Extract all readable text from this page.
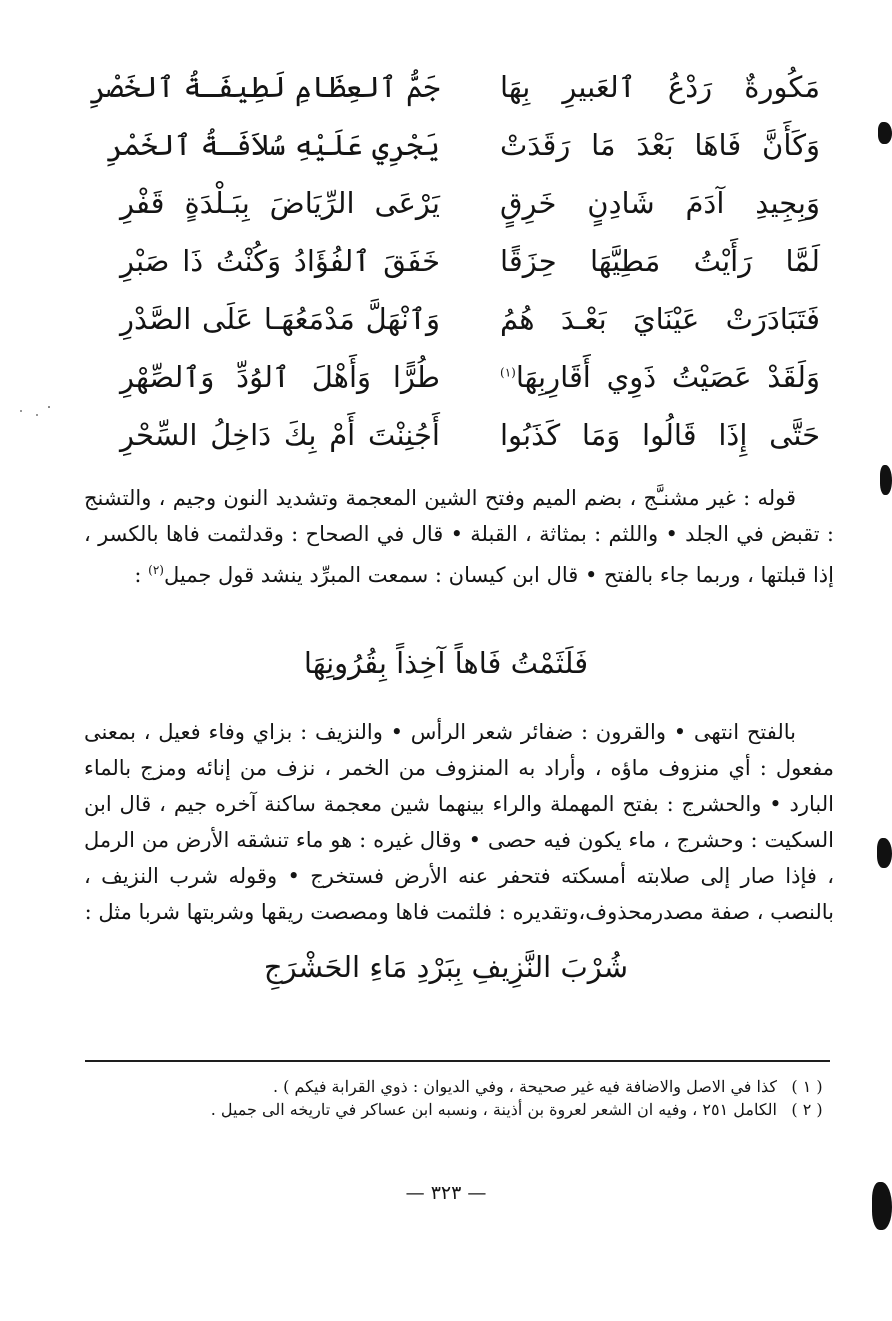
مَكُورةٌ رَدْعُ ٱلعَبيرِ بِهَا
جَمُّ ٱلعِظَامِ لَطِيفَـةُ ٱلخَصْرِ
وَكَأَنَّ فَاهَا بَعْدَ مَا رَقَدَتْ
يَجْرِي عَلَيْهِ سُلاَفَـةُ ٱلخَمْرِ
وَبِجِيدِ آدَمَ شَادِنٍ خَرِقٍ
يَرْعَى الرِّيَاضَ بِبَـلْدَةٍ قَفْرِ
لَمَّا رَأَيْتُ مَطِيَّهَا حِزَقًا
خَفَقَ ٱلفُؤَادُ وَكُنْتُ ذَا صَبْرِ
فَتَبَادَرَتْ عَيْنَايَ بَعْـدَ هُمُ
وَٱنْهَلَّ مَدْمَعُهَـا عَلَى الصَّدْرِ
وَلَقَدْ عَصَيْتُ ذَوِي أَقَارِبِهَا$^{(١)}$
طُرًّا وَأَهْلَ ٱلوُدِّ وَٱلصِّهْرِ
حَتَّى إِذَا قَالُوا وَمَا كَذَبُوا
أَجُنِنْتَ أَمْ بِكَ دَاخِلُ السِّحْرِ

قوله : غير مشنـَّج ، بضم الميم وفتح الشين المعجمة وتشديد النون وجيم ، والتشنج : تقبض في الجلد • واللثم : بمثاثة ، القبلة • قال في الصحاح : وقدلثمت فاها بالكسر ، إذا قبلتها ، وربما جاء بالفتح • قال ابن كيسان : سمعت المبرِّد ينشد قول جميل$^{(٢)}$ :

فَلَثَمْتُ فَاهاً آخِذاً بِقُرُونِهَا

بالفتح انتهى • والقرون : ضفائر شعر الرأس • والنزيف : بزاي وفاء فعيل ، بمعنى مفعول : أي منزوف ماؤه ، وأراد به المنزوف من الخمر ، نزف من إنائه ومزج بالماء البارد • والحشرج : بفتح المهملة والراء بينهما شين معجمة ساكنة آخره جيم ، قال ابن السكيت : وحشرج ، ماء يكون فيه حصى • وقال غيره : هو ماء تنشقه الأرض من الرمل ، فإذا صار إلى صلابته أمسكته فتحفر عنه الأرض فستخرج • وقوله شرب النزيف ، بالنصب ، صفة مصدرمحذوف،وتقديره : فلثمت فاها ومصصت ريقها وشربتها شربا مثل :

شُرْبَ النَّزِيفِ بِبَرْدِ مَاءِ الحَشْرَجِ
( ١ )
كذا في الاصل والاضافة فيه غير صحيحة ، وفي الديوان : ذوي القرابة فيكم ) .
( ٢ )
الكامل ٢٥١ ، وفيه ان الشعر لعروة بن أذينة ، ونسبه ابن عساكر في تاريخه الى جميل .
— ٣٢٣ —
